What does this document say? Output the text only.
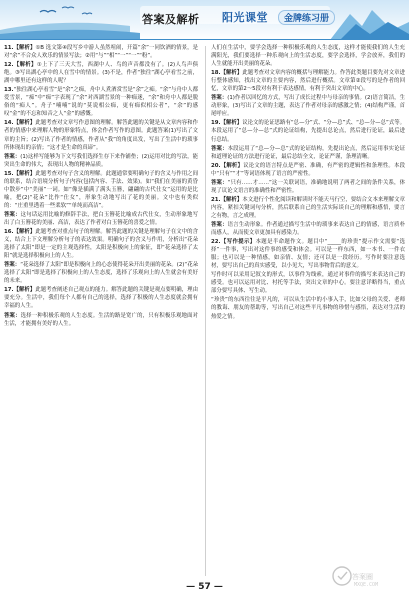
答案及解析 阳光课堂	金牌练习册

11.【解析】①B 选文第④段写乡中游人虽然喧闹，开篇“余”一同饮酒的情景，是对“余”不合众人欢乐的情景写法；②用“与”“相”“一”“一”“粉”。

12.【解析】①上下了三天大雪，西湖中人、鸟的声音都没有了。(2)人鸟声俱绝。③写出湖心亭中的人在雪中的情景。(3)不是，作者“独往”湖心亭看雪之前，湖中哪里还有这样的人呢？

13.“独往湖心亭看雪”是“余”之痴，舟中人煮酒赏雪是“余”之痴。“余”与舟中人都爱雪景，“痴”中“痴”字表现了“余”对西湖雪景的一种痴迷，“余”和舟中人都是脱俗的“痴人”。舟子“喃喃”说的“莫说相公痴，更有痴似相公者”，“余”的感叹“金”的不忘和知音之人“金”的感慨。

14.【解析】此题考查对文章写作意图的理解。解答此题的关键是从文章内容和作者的情感中来理解人物的形象特点，体会作者写作的意图。此题答案(1)写出了文章的主旨；(2)写出了作者的情感，作者从“我”的角度出发，写出了生活中的琐事所体现出的亲情；“这才是生命的真谛”。

答案：(1)这样写能够为下文写我们选择生存下来作铺垫；(2)运用对比的写法，能突出生命的伟大，表现出人物的精神品质。

15.【解析】此题考查对句子含义的理解。此题通常要明确句子的含义与作用之间的联系，结合语境分析句子内容(包括内容、手法、效果)。如“我们在美丽的黄昏中散步”中“美丽”一词。如“像是插满了满头玉簪，翩翩的古代仕女”运用的是比喻，把(2)“花朵”比作“仕女”，形象生动地写出了花的美丽。文中也有类似的：“庄重里透着一些柔软”“单纯而高洁”。

答案：这句话运用比喻的修辞手法，把白玉簪花比喻成古代仕女，生动形象地写出了白玉簪花的美丽、高洁，表达了作者对白玉簪花的喜爱之情。

16.【解析】此题考查对重点句子的理解。解答此题的关键是理解句子在文中的含义，结合上下文理解分析句子的表达效果。明确句子的含义与作用，分析出“花朵选择了太阳”即是一定的主观选择性，太阳是积极向上的象征，即“花朵选择了太阳”就是选择积极向上的人生。

答案：“花朵选择了太阳”即是积极向上的心态使得花朵开出美丽的花朵。(2)“花朵选择了太阳”即是选择了积极向上的人生态度，选择了乐观向上的人生就会有美好的未来。

17.【解析】此题考查阐述自己观点的能力。解答此题的关键是观点要明确，理由要充分。生活中，我们每个人都有自己的选择，选择了积极的人生态度就会拥有幸福的人生。

答案：选择一种积极乐观的人生态度。生活的路是宽广的，只有积极乐观地面对生活，才能拥有美好的人生。

人们在生活中，要学会选择一种积极乐观的人生态度，这样才能使我们的人生充满阳光，我们要选择一种乐观向上的生活态度，要学会选择，学会放弃，我们的人生就能开出美丽的花朵。

18.【解析】此题考查对文章内容的概括与理解能力。作答此类题目要先对文章进行整体感知，找出文章的主要内容，然后进行概括。文章第②段写的是作者的回忆，文章的第2～5段对有利于表达感情，有利于突出文章的中心。

答案：(1)作者以回忆的方式，写出了成长过程中与母亲的事情。(2)语言简洁，生动形象，(3)写出了文章的主题，表达了作者对母亲的感激之情；(4)结构严谨，首尾呼应。

19.【解析】议论文的论证思路有“总—分”式、“分—总”式、“总—分—总”式等。本段运用了“总—分—总”式的论证结构，先提出总论点，然后进行论证，最后进行总结。

答案：本段运用了“总—分—总”式的论证结构，先提出论点，然后运用事实论证和道理论证的方法进行论证，最后总结全文，论证严谨，条理清晰。

20.【解析】议论文的语言特点是严密、准确，有严密的逻辑性和条理性。本段中“只有”“才”等词语体现了语言的严密性。

答案：“只有……才……”这一关联词语，准确地说明了两者之间的条件关系，体现了议论文语言的准确性和严密性。

21.【解析】本文进行个性化阅读和解读时不能天马行空，要结合文本来理解文章内容，紧扣关键词句分析，然后联系自己的生活实际谈自己的理解和感悟，要言之有物，言之成理。

答案：语言生动形象。作者通过描写生活中的琐事来表达自己的情感，语言质朴而感人，从而使文章更加具有感染力。

22.【写作提示】本题是半命题作文。题目中“_____的珍贵”提示作文需要“选择”一件事，写出对这件事的感受和体会。可以是一样东西，如一本书、一件衣服；也可以是一种情感，如亲情、友情；还可以是一段经历。写作时要注意选材，要写出自己的真实感受，以小见大，写出事物背后的意义。

写作时可以采用记叙文的形式，以事件为线索，通过对事件的描写来表达自己的感受。也可以运用对比、衬托等手法，突出文章的中心。要注意详略得当，重点部分要写具体、写生动。

“珍贵”的东西往往是平凡的，可以从生活中的小事入手，比如父母的关爱、老师的教诲、朋友的帮助等，写出自己对这些平凡事物的珍惜与感悟，表达对生活的热爱之情。

— 57 —
答案圈
MXQE.COM
